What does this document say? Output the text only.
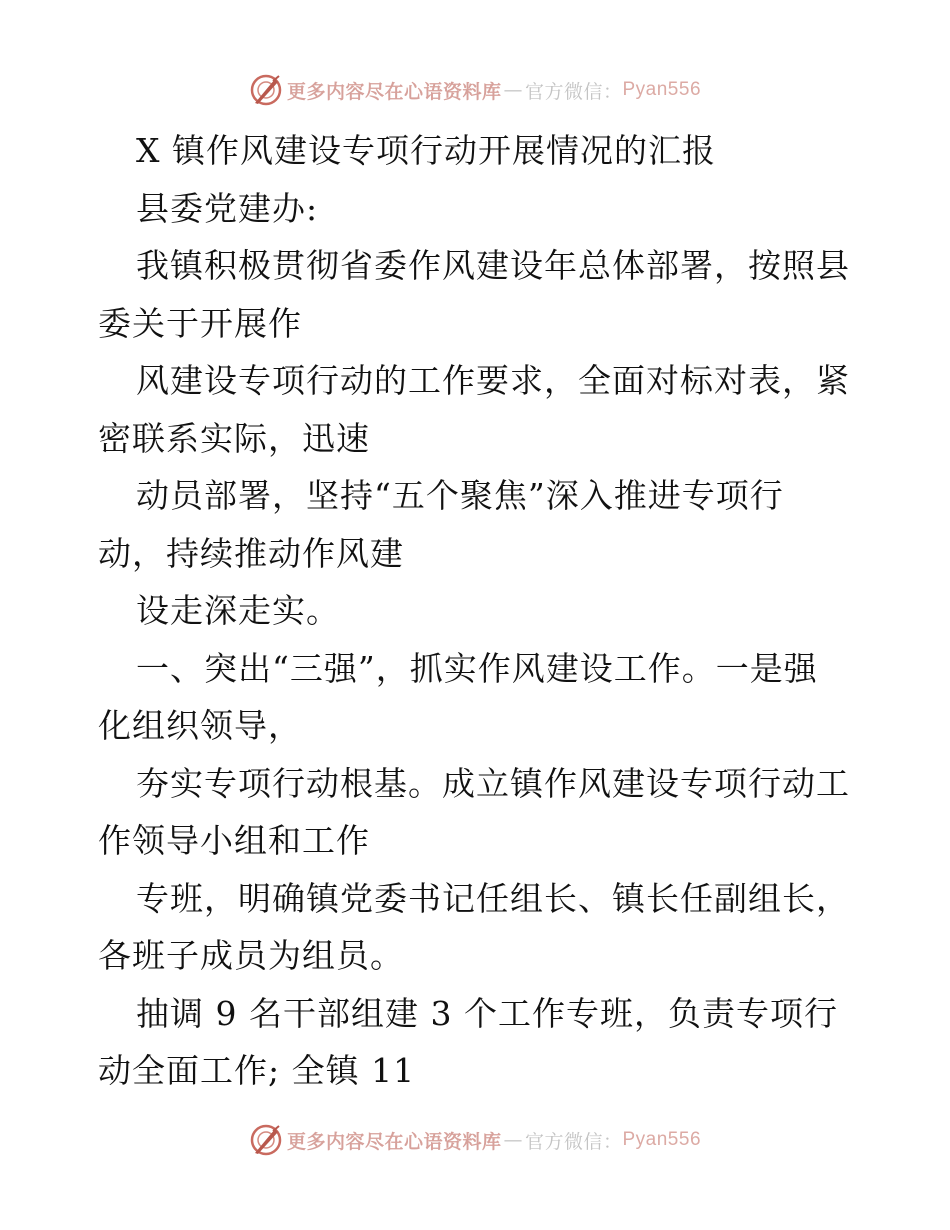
更多内容尽在心语资料库 — 官方微信： Pyan556
X 镇作风建设专项行动开展情况的汇报
县委党建办:
我镇积极贯彻省委作风建设年总体部署，按照县
委关于开展作
风建设专项行动的工作要求，全面对标对表，紧
密联系实际，迅速
动员部署，坚持“五个聚焦”深入推进专项行
动，持续推动作风建
设走深走实。
一、突出“三强”，抓实作风建设工作。一是强
化组织领导，
夯实专项行动根基。成立镇作风建设专项行动工
作领导小组和工作
专班，明确镇党委书记任组长、镇长任副组长，
各班子成员为组员。
抽调 9 名干部组建 3 个工作专班，负责专项行
动全面工作; 全镇 11
更多内容尽在心语资料库 — 官方微信： Pyan556
